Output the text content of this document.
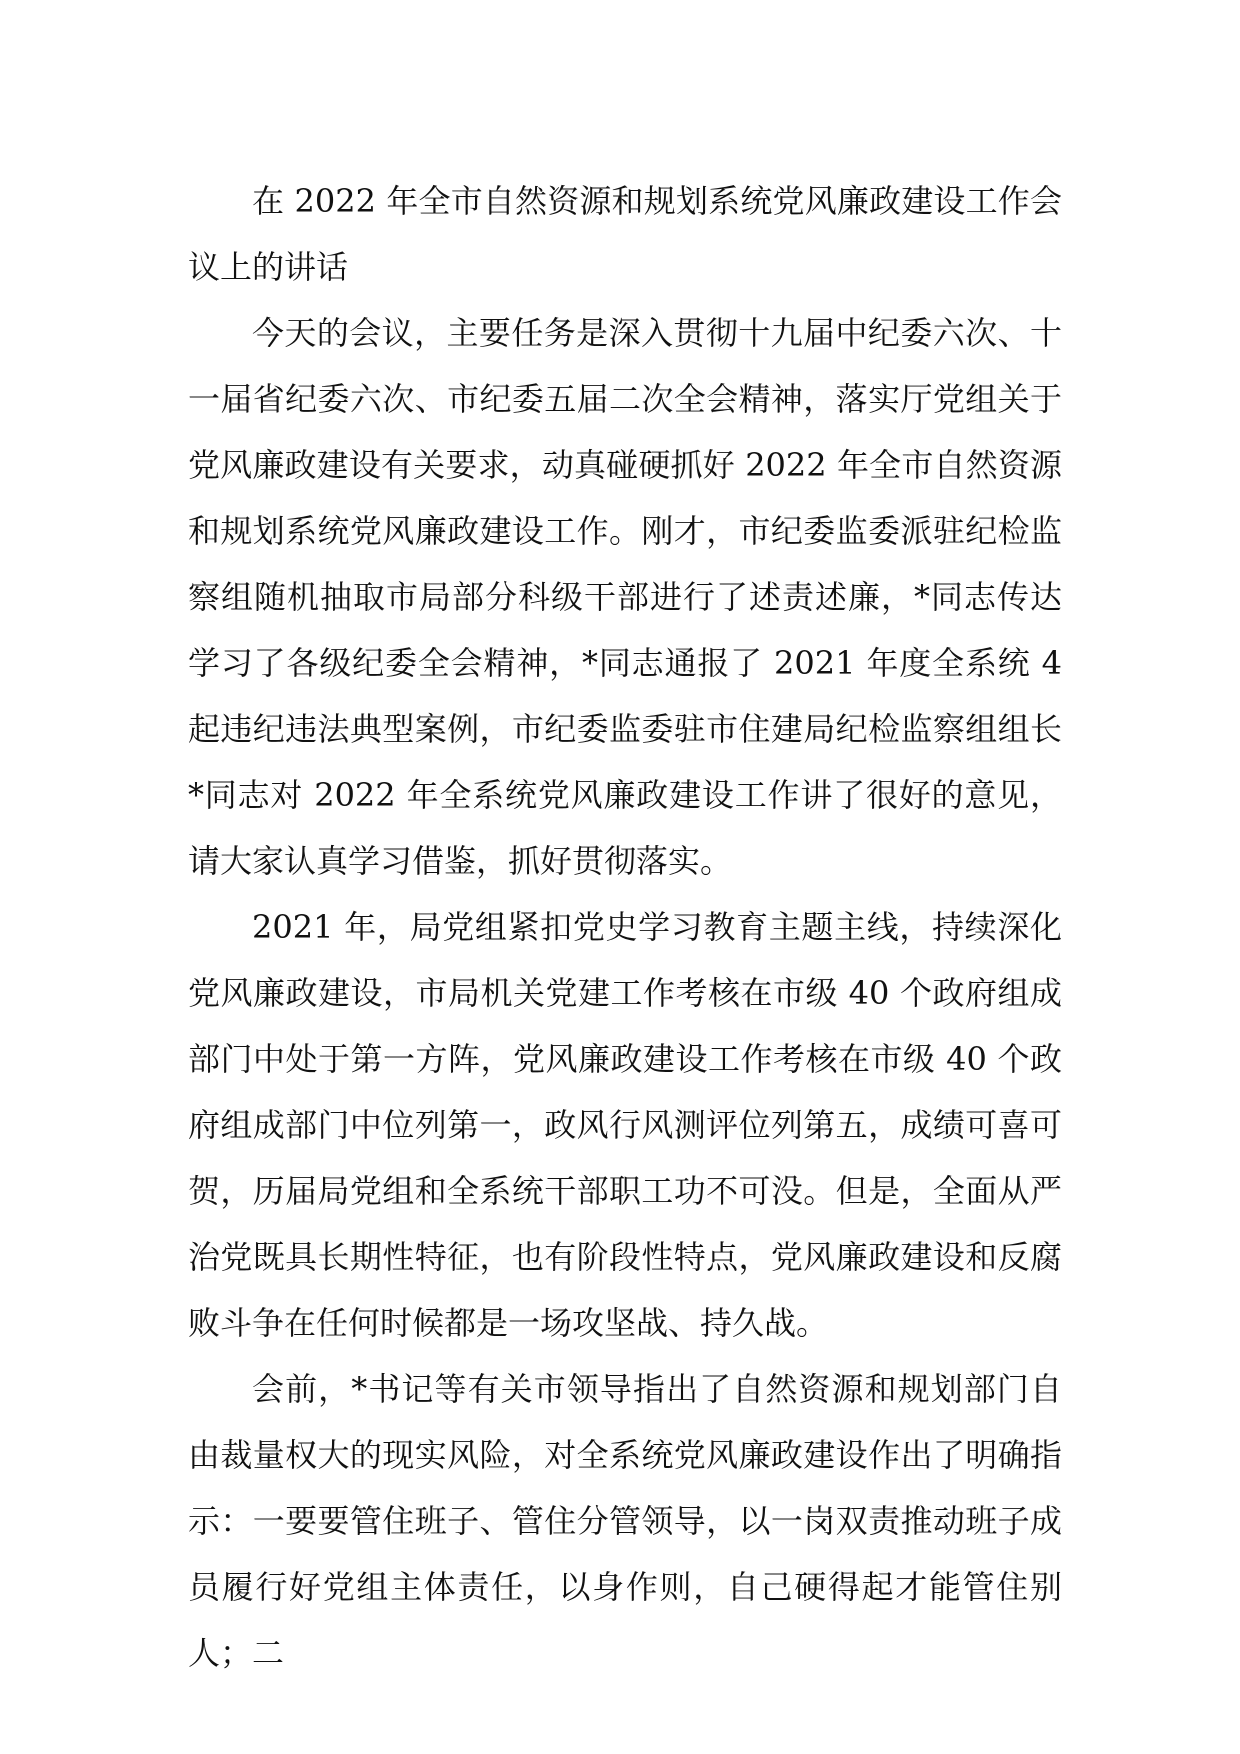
在 2022 年全市自然资源和规划系统党风廉政建设工作会议上的讲话

今天的会议，主要任务是深入贯彻十九届中纪委六次、十一届省纪委六次、市纪委五届二次全会精神，落实厅党组关于党风廉政建设有关要求，动真碰硬抓好 2022 年全市自然资源和规划系统党风廉政建设工作。刚才，市纪委监委派驻纪检监察组随机抽取市局部分科级干部进行了述责述廉，*同志传达学习了各级纪委全会精神，*同志通报了 2021 年度全系统 4 起违纪违法典型案例，市纪委监委驻市住建局纪检监察组组长*同志对 2022 年全系统党风廉政建设工作讲了很好的意见，请大家认真学习借鉴，抓好贯彻落实。

2021 年，局党组紧扣党史学习教育主题主线，持续深化党风廉政建设，市局机关党建工作考核在市级 40 个政府组成部门中处于第一方阵，党风廉政建设工作考核在市级 40 个政府组成部门中位列第一，政风行风测评位列第五，成绩可喜可贺，历届局党组和全系统干部职工功不可没。但是，全面从严治党既具长期性特征，也有阶段性特点，党风廉政建设和反腐败斗争在任何时候都是一场攻坚战、持久战。

会前，*书记等有关市领导指出了自然资源和规划部门自由裁量权大的现实风险，对全系统党风廉政建设作出了明确指示：一要要管住班子、管住分管领导，以一岗双责推动班子成员履行好党组主体责任，以身作则，自己硬得起才能管住别人；二
